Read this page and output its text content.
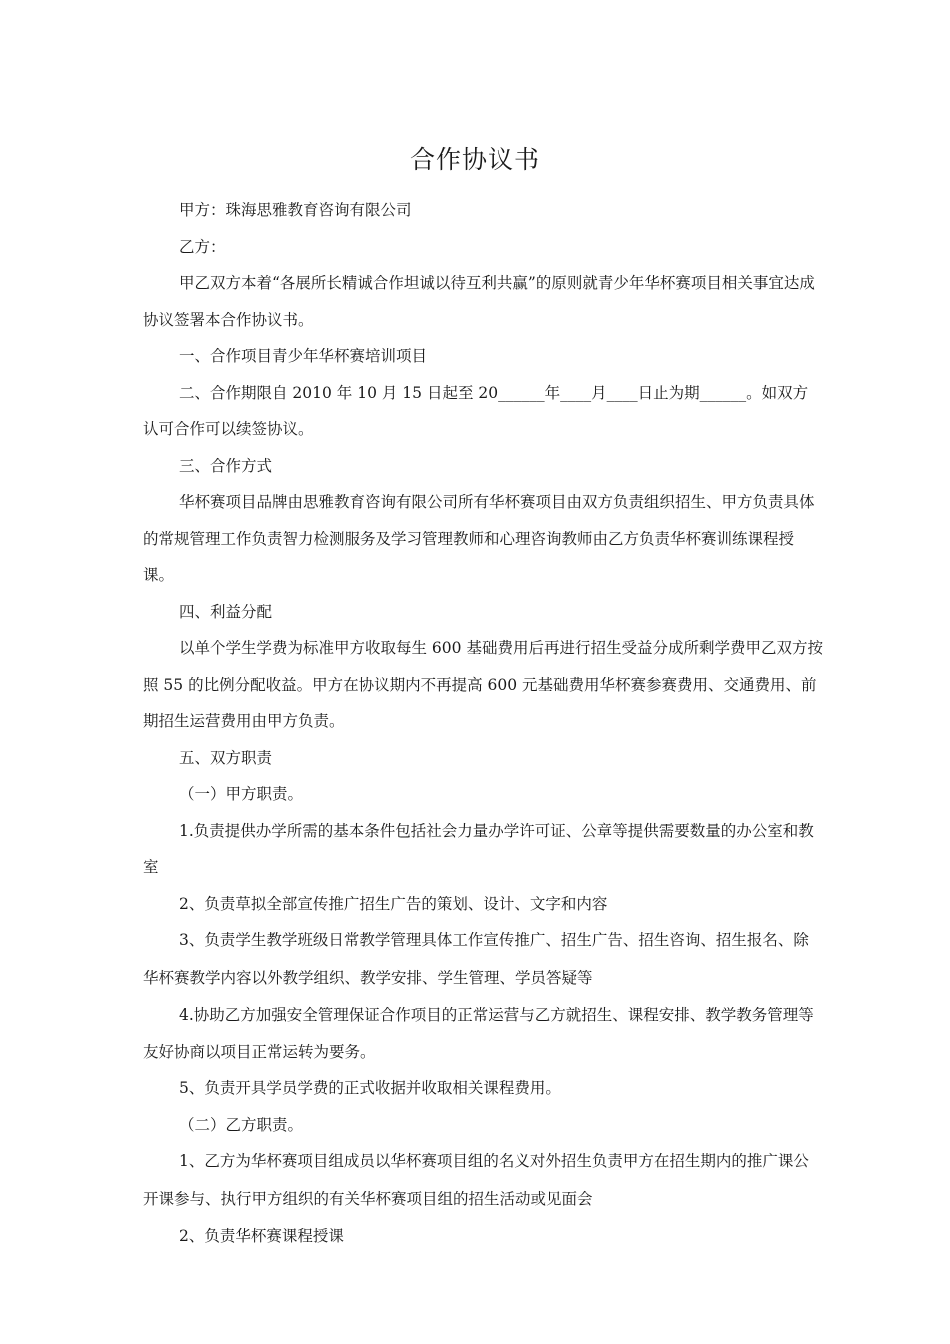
合作协议书

甲方：珠海思雅教育咨询有限公司

乙方：

甲乙双方本着“各展所长精诚合作坦诚以待互利共赢”的原则就青少年华杯赛项目相关事宜达成协议签署本合作协议书。

一、合作项目青少年华杯赛培训项目

二、合作期限自 2010 年 10 月 15 日起至 20______年____月____日止为期______。如双方认可合作可以续签协议。

三、合作方式

华杯赛项目品牌由思雅教育咨询有限公司所有华杯赛项目由双方负责组织招生、甲方负责具体的常规管理工作负责智力检测服务及学习管理教师和心理咨询教师由乙方负责华杯赛训练课程授课。

四、利益分配

以单个学生学费为标准甲方收取每生 600 基础费用后再进行招生受益分成所剩学费甲乙双方按照 55 的比例分配收益。甲方在协议期内不再提高 600 元基础费用华杯赛参赛费用、交通费用、前期招生运营费用由甲方负责。

五、双方职责

（一）甲方职责。

1.负责提供办学所需的基本条件包括社会力量办学许可证、公章等提供需要数量的办公室和教室

2、负责草拟全部宣传推广招生广告的策划、设计、文字和内容

3、负责学生教学班级日常教学管理具体工作宣传推广、招生广告、招生咨询、招生报名、除华杯赛教学内容以外教学组织、教学安排、学生管理、学员答疑等

4.协助乙方加强安全管理保证合作项目的正常运营与乙方就招生、课程安排、教学教务管理等友好协商以项目正常运转为要务。

5、负责开具学员学费的正式收据并收取相关课程费用。

（二）乙方职责。

1、乙方为华杯赛项目组成员以华杯赛项目组的名义对外招生负责甲方在招生期内的推广课公开课参与、执行甲方组织的有关华杯赛项目组的招生活动或见面会

2、负责华杯赛课程授课
